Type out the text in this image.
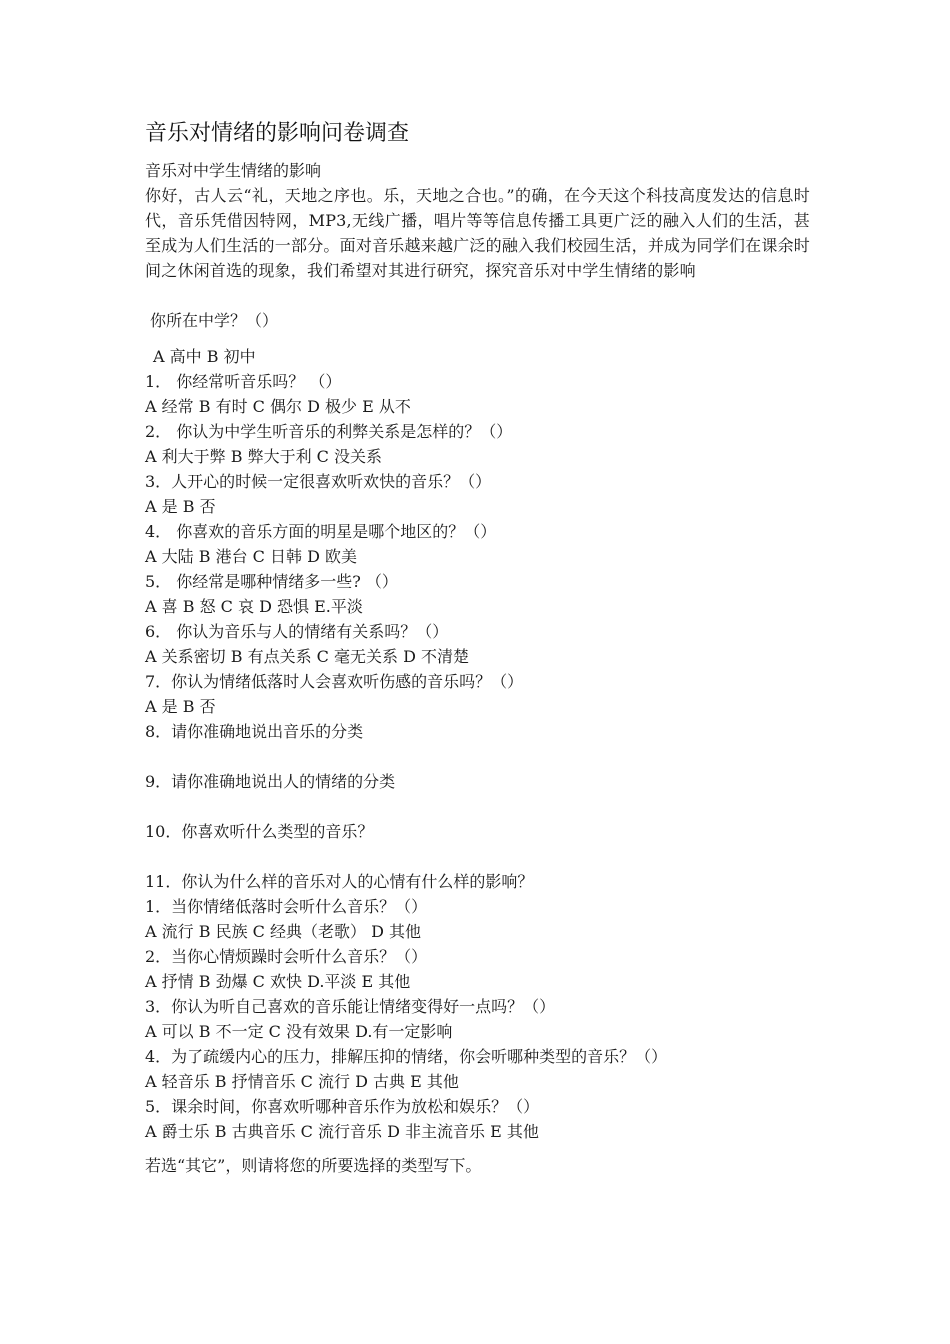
音乐对情绪的影响问卷调查
音乐对中学生情绪的影响
你好，古人云“礼，天地之序也。乐，天地之合也。”的确，在今天这个科技高度发达的信息时代，音乐凭借因特网，MP3,无线广播，唱片等等信息传播工具更广泛的融入人们的生活，甚至成为人们生活的一部分。面对音乐越来越广泛的融入我们校园生活，并成为同学们在课余时间之休闲首选的现象，我们希望对其进行研究，探究音乐对中学生情绪的影响
你所在中学？（）
A 高中 B 初中
1． 你经常听音乐吗？ （）
A 经常 B 有时 C 偶尔 D 极少 E 从不
2． 你认为中学生听音乐的利弊关系是怎样的？（）
A 利大于弊 B 弊大于利 C 没关系
3．人开心的时候一定很喜欢听欢快的音乐？（）
A 是 B 否
4． 你喜欢的音乐方面的明星是哪个地区的？（）
A 大陆 B 港台 C 日韩 D 欧美
5． 你经常是哪种情绪多一些? （）
A 喜 B 怒 C 哀 D 恐惧 E.平淡
6． 你认为音乐与人的情绪有关系吗？（）
A 关系密切 B 有点关系 C 毫无关系 D 不清楚
7．你认为情绪低落时人会喜欢听伤感的音乐吗？（）
A 是 B 否
8．请你准确地说出音乐的分类
9．请你准确地说出人的情绪的分类
10．你喜欢听什么类型的音乐？
11．你认为什么样的音乐对人的心情有什么样的影响？
1．当你情绪低落时会听什么音乐？（）
A 流行 B 民族 C 经典（老歌） D 其他
2．当你心情烦躁时会听什么音乐？（）
A 抒情 B 劲爆 C 欢快 D.平淡 E 其他
3．你认为听自己喜欢的音乐能让情绪变得好一点吗？（）
A 可以 B 不一定 C 没有效果 D.有一定影响
4．为了疏缓内心的压力，排解压抑的情绪，你会听哪种类型的音乐？（）
A 轻音乐 B 抒情音乐 C 流行 D 古典 E 其他
5．课余时间，你喜欢听哪种音乐作为放松和娱乐？（）
A 爵士乐 B 古典音乐 C 流行音乐 D 非主流音乐 E 其他
若选“其它”，则请将您的所要选择的类型写下。
